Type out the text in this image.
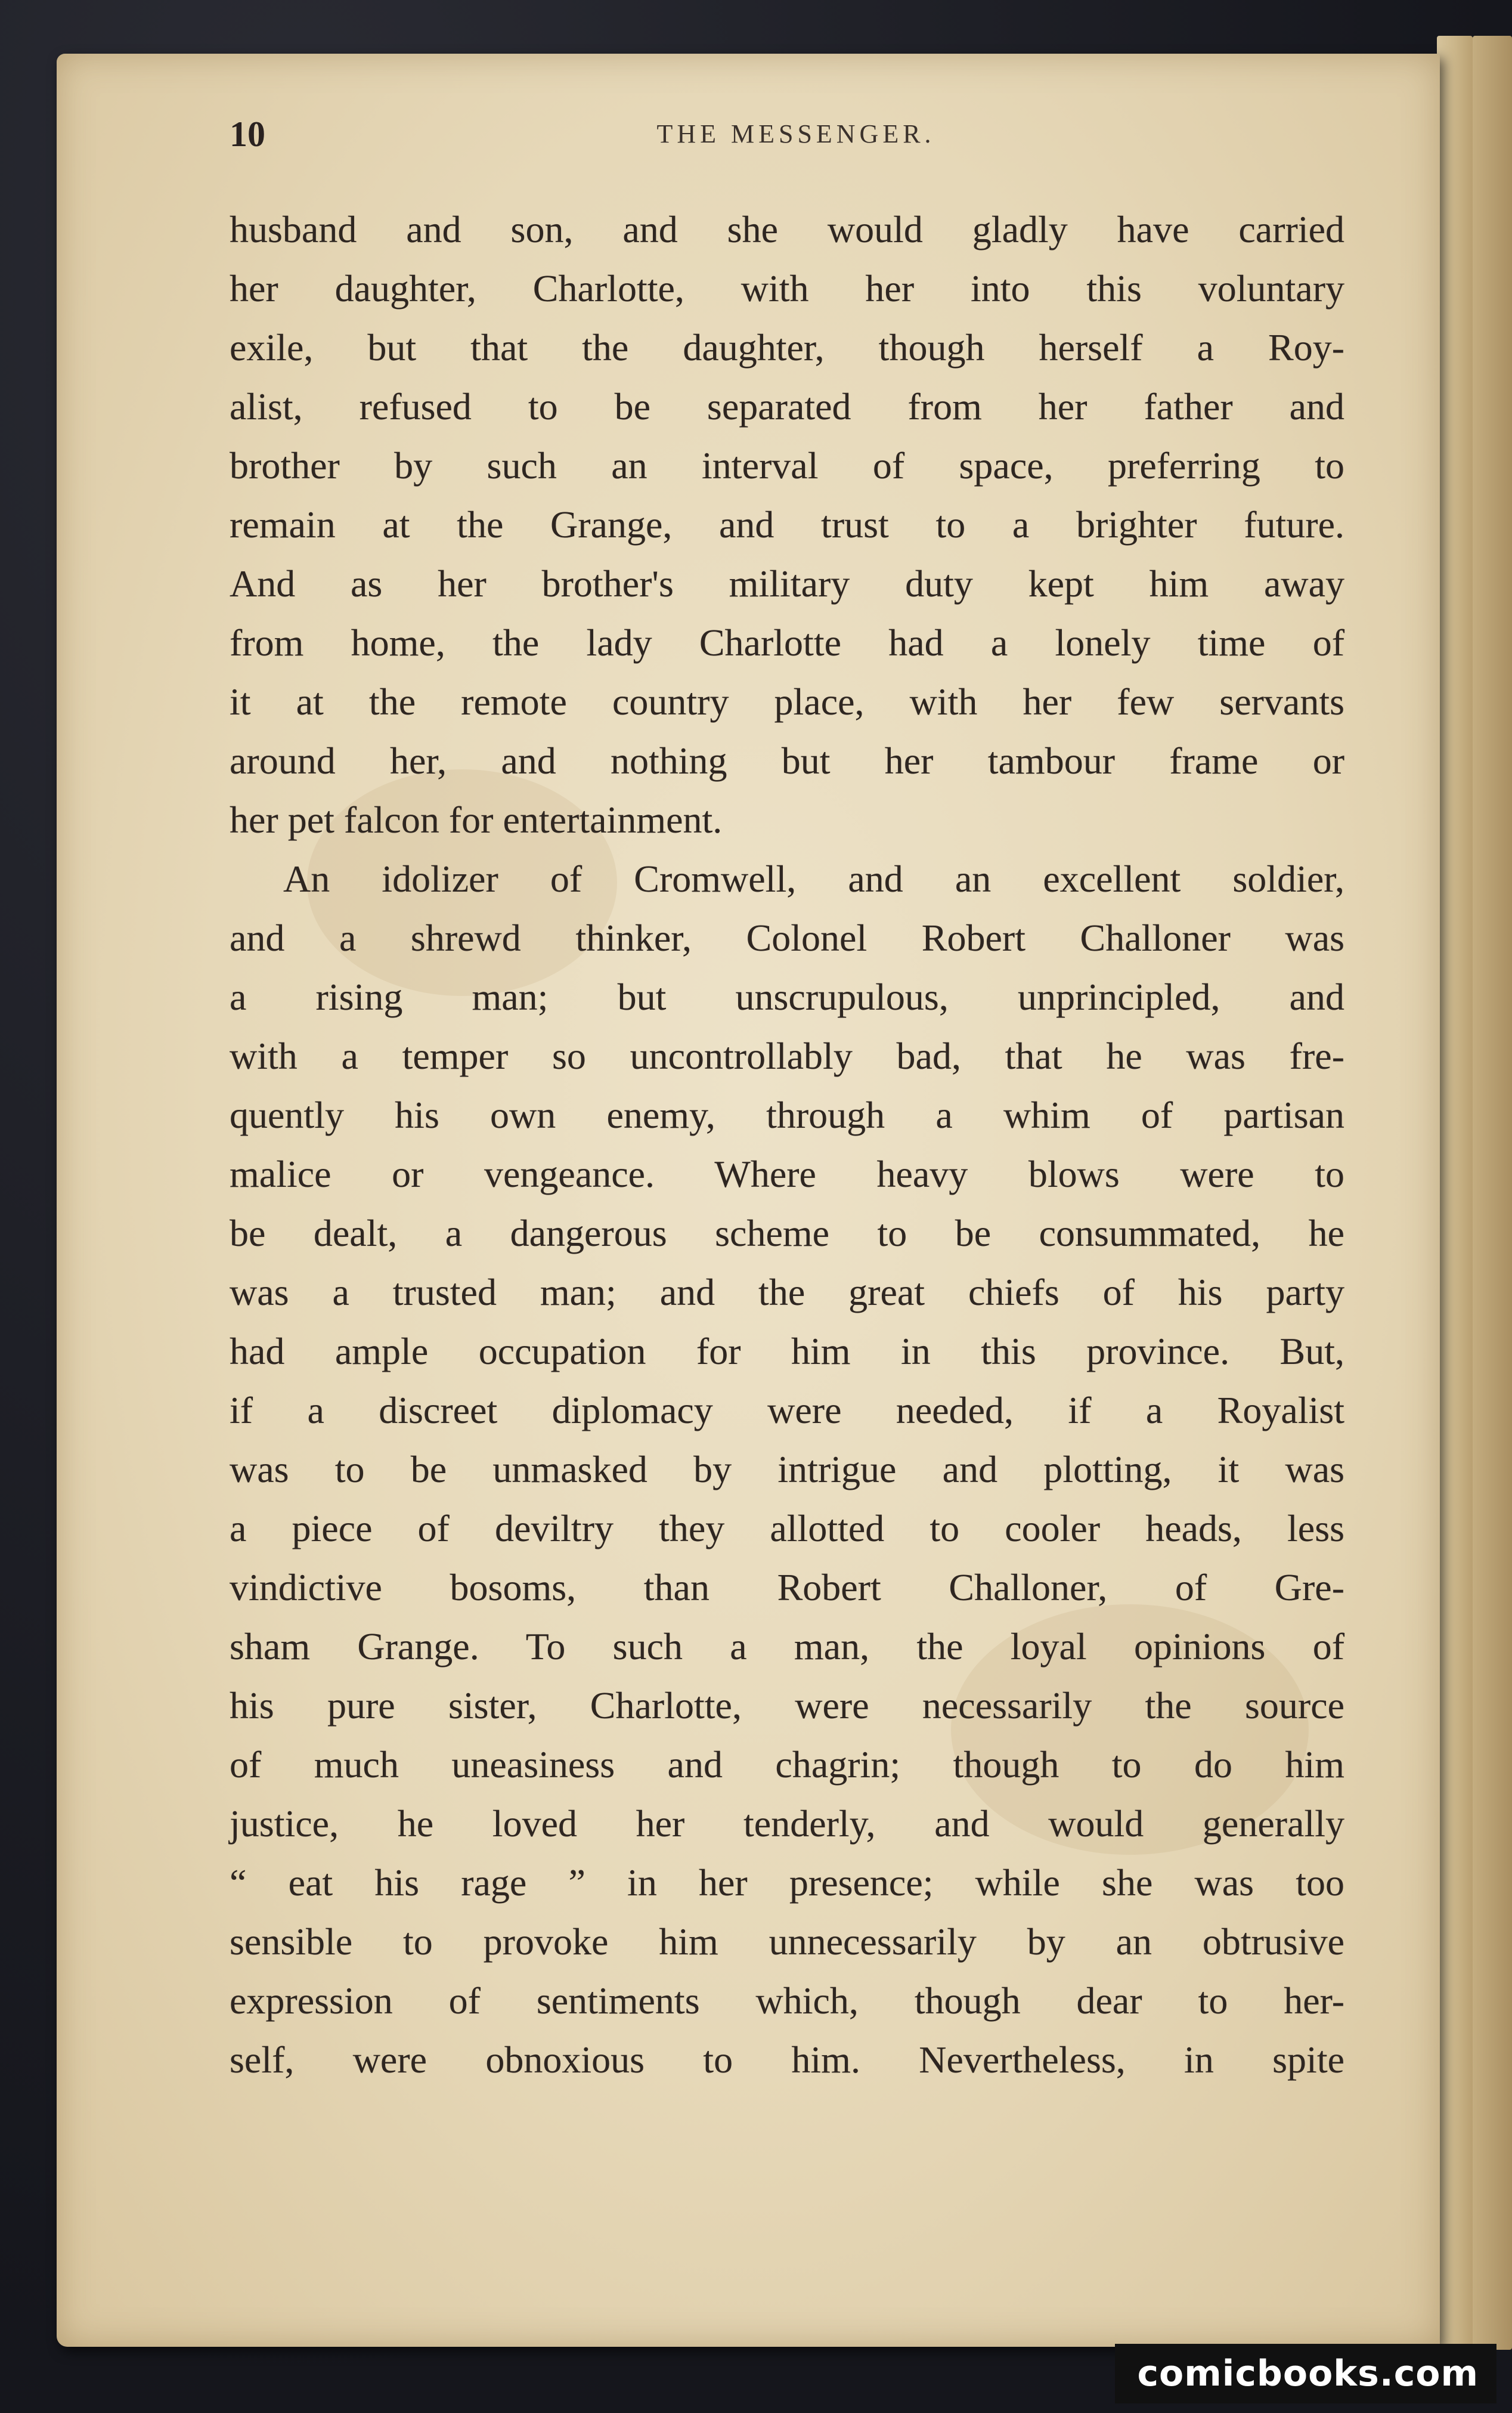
10	THE MESSENGER.
husband and son, and she would gladly have carried
her daughter, Charlotte, with her into this voluntary
exile, but that the daughter, though herself a Roy-
alist, refused to be separated from her father and
brother by such an interval of space, preferring to
remain at the Grange, and trust to a brighter future.
And as her brother's military duty kept him away
from home, the lady Charlotte had a lonely time of
it at the remote country place, with her few servants
around her, and nothing but her tambour frame or
her pet falcon for entertainment.
An idolizer of Cromwell, and an excellent soldier,
and a shrewd thinker, Colonel Robert Challoner was
a rising man; but unscrupulous, unprincipled, and
with a temper so uncontrollably bad, that he was fre-
quently his own enemy, through a whim of partisan
malice or vengeance. Where heavy blows were to
be dealt, a dangerous scheme to be consummated, he
was a trusted man; and the great chiefs of his party
had ample occupation for him in this province. But,
if a discreet diplomacy were needed, if a Royalist
was to be unmasked by intrigue and plotting, it was
a piece of deviltry they allotted to cooler heads, less
vindictive bosoms, than Robert Challoner, of Gre-
sham Grange. To such a man, the loyal opinions of
his pure sister, Charlotte, were necessarily the source
of much uneasiness and chagrin; though to do him
justice, he loved her tenderly, and would generally
“ eat his rage ” in her presence; while she was too
sensible to provoke him unnecessarily by an obtrusive
expression of sentiments which, though dear to her-
self, were obnoxious to him. Nevertheless, in spite
comicbooks.com
